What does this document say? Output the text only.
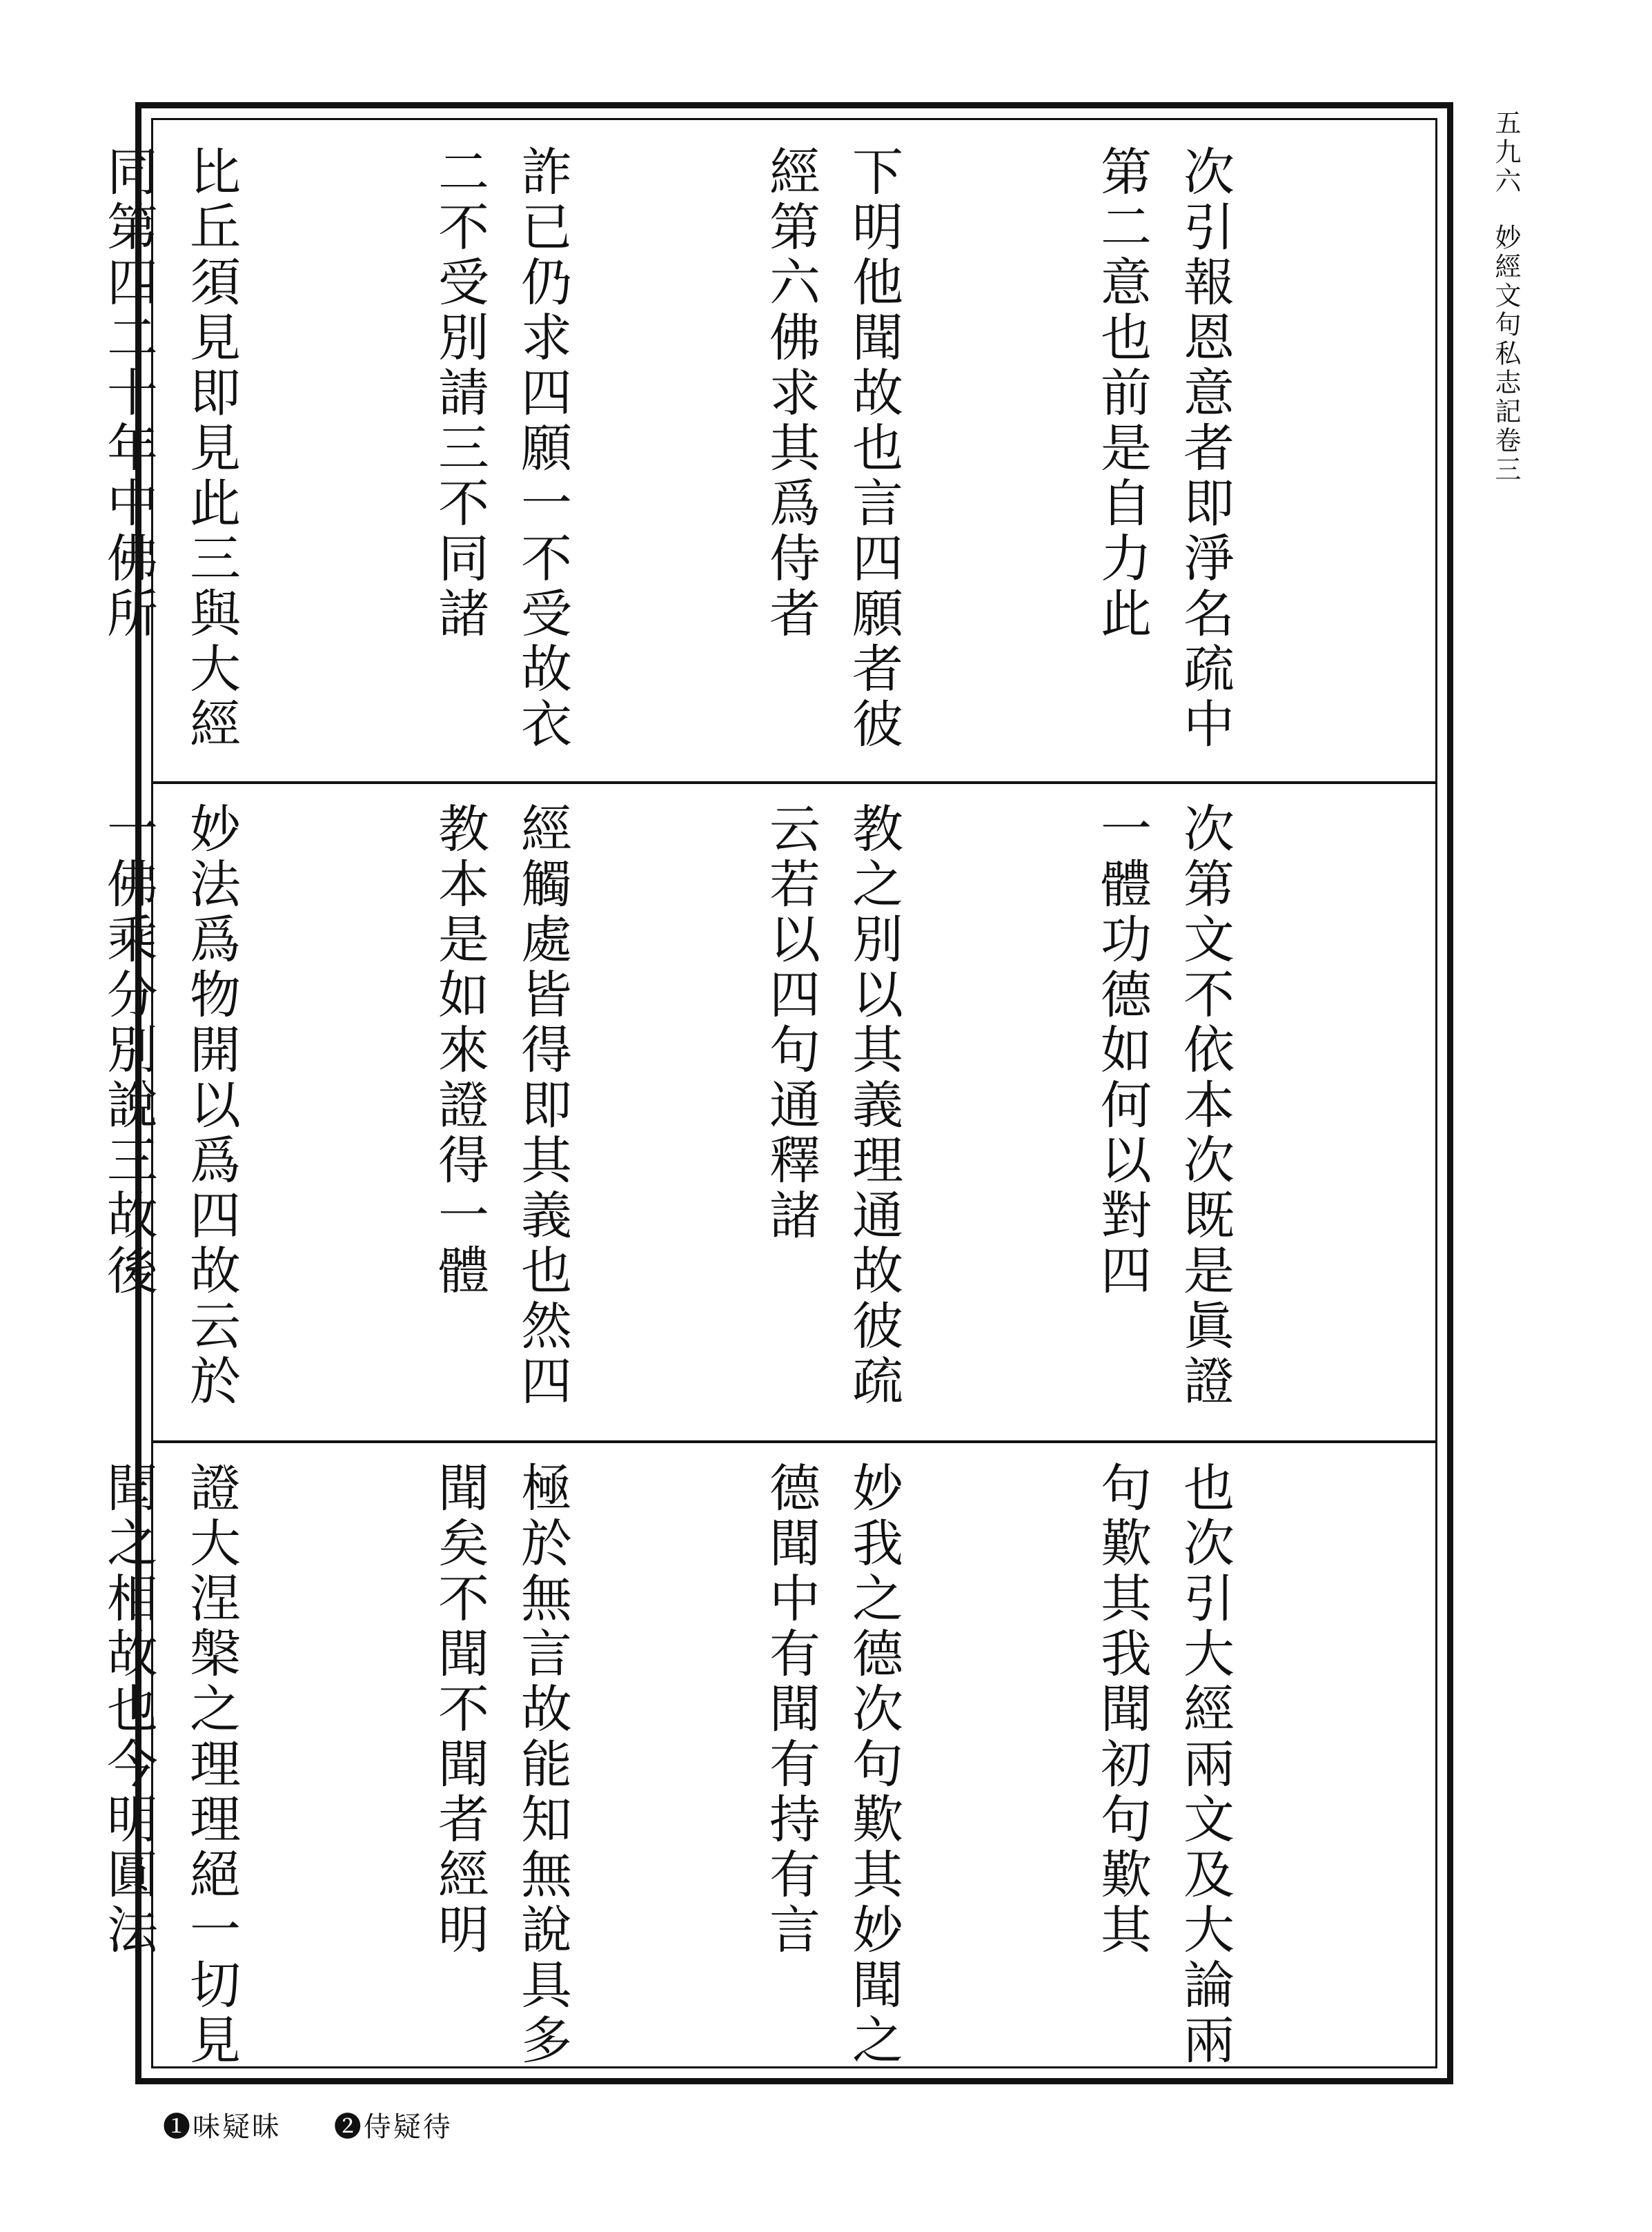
五九六 妙經文句私志記卷三

次引報恩意者即淨名疏中第二意也前是自力此

下明他聞故也言四願者彼經第六佛求其爲侍者

詐已仍求四願一不受故衣二不受別請三不同諸

比丘須見即見此三與大經同第四二十年中佛所

次第文不依本次既是眞證一體功德如何以對四

教之別以其義理通故彼疏云若以四句通釋諸

經觸處皆得即其義也然四教本是如來證得一體

妙法爲物開以爲四故云於一佛乘分別說三故後

也次引大經兩文及大論兩句歎其我聞初句歎其

妙我之德次句歎其妙聞之德聞中有聞有持有言

極於無言故能知無說具多聞矣不聞不聞者經明

證大涅槃之理理絕一切見聞之相故也今明圓法

❶味疑昧 ❷侍疑待
